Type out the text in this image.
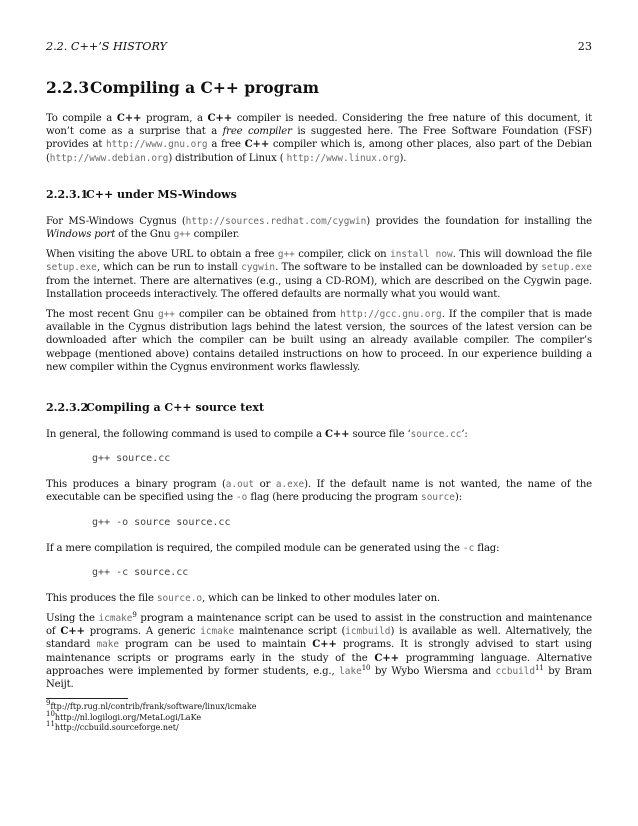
2.2. C++’S HISTORY	23
2.2.3Compiling a C++ program

To compile a C++ program, a C++ compiler is needed. Considering the free nature of this document, it won’t come as a surprise that a free compiler is suggested here. The Free Software Foundation (FSF) provides at http://www.gnu.org a free C++ compiler which is, among other places, also part of the Debian (http://www.debian.org) distribution of Linux ( http://www.linux.org).

2.2.3.1C++ under MS-Windows

For MS-Windows Cygnus (http://sources.redhat.com/cygwin) provides the foundation for installing the Windows port of the Gnu g++ compiler.

When visiting the above URL to obtain a free g++ compiler, click on install now. This will download the file setup.exe, which can be run to install cygwin. The software to be installed can be downloaded by setup.exe from the internet. There are alternatives (e.g., using a CD-ROM), which are described on the Cygwin page. Installation proceeds interactively. The offered defaults are normally what you would want.

The most recent Gnu g++ compiler can be obtained from http://gcc.gnu.org. If the compiler that is made available in the Cygnus distribution lags behind the latest version, the sources of the latest version can be downloaded after which the compiler can be built using an already available compiler. The compiler’s webpage (mentioned above) contains detailed instructions on how to proceed. In our experience building a new compiler within the Cygnus environment works flawlessly.

2.2.3.2Compiling a C++ source text

In general, the following command is used to compile a C++ source file ‘source.cc’:

g++ source.cc

This produces a binary program (a.out or a.exe). If the default name is not wanted, the name of the executable can be specified using the -o flag (here producing the program source):

g++ -o source source.cc

If a mere compilation is required, the compiled module can be generated using the -c flag:

g++ -c source.cc

This produces the file source.o, which can be linked to other modules later on.

Using the icmake$^9$ program a maintenance script can be used to assist in the construction and maintenance of C++ programs. A generic icmake maintenance script (icmbuild) is available as well. Alternatively, the standard make program can be used to maintain C++ programs. It is strongly advised to start using maintenance scripts or programs early in the study of the C++ programming language. Alternative approaches were implemented by former students, e.g., lake$^{10}$ by Wybo Wiersma and ccbuild$^{11}$ by Bram Neijt.

$^9$ftp://ftp.rug.nl/contrib/frank/software/linux/icmake
$^{10}$http://nl.logilogi.org/MetaLogi/LaKe
$^{11}$http://ccbuild.sourceforge.net/
